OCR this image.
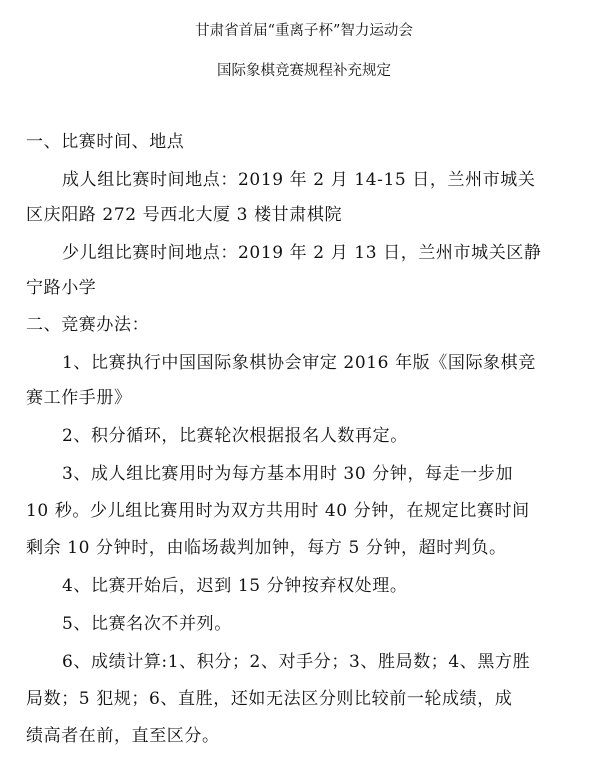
甘肃省首届“重离子杯”智力运动会
国际象棋竞赛规程补充规定
一、比赛时间、地点
成人组比赛时间地点：2019 年 2 月 14-15 日，兰州市城关
区庆阳路 272 号西北大厦 3 楼甘肃棋院
少儿组比赛时间地点：2019 年 2 月 13 日，兰州市城关区静
宁路小学
二、竞赛办法：
1、比赛执行中国国际象棋协会审定 2016 年版《国际象棋竞
赛工作手册》
2、积分循环，比赛轮次根据报名人数再定。
3、成人组比赛用时为每方基本用时 30 分钟，每走一步加
10 秒。少儿组比赛用时为双方共用时 40 分钟，在规定比赛时间
剩余 10 分钟时，由临场裁判加钟，每方 5 分钟，超时判负。
4、比赛开始后，迟到 15 分钟按弃权处理。
5、比赛名次不并列。
6、成绩计算:1、积分；2、对手分；3、胜局数；4、黑方胜
局数；5 犯规；6、直胜，还如无法区分则比较前一轮成绩，成
绩高者在前，直至区分。
